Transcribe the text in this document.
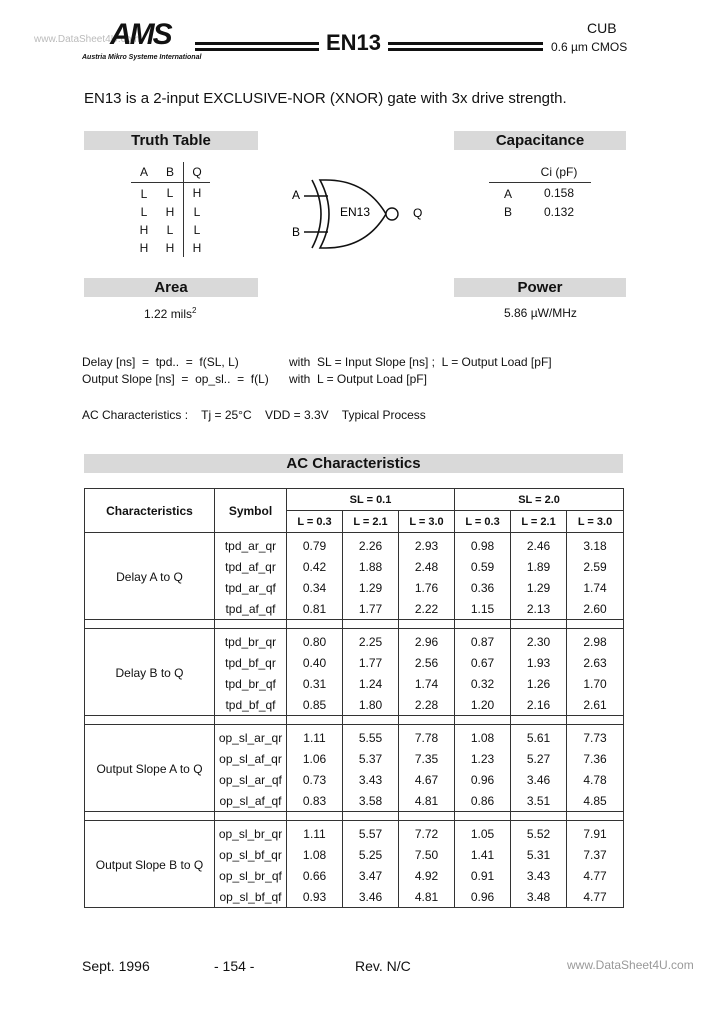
www.DataSheet4U.com
AMS
Austria Mikro Systeme International
EN13
CUB
0.6 µm CMOS
EN13 is a 2-input EXCLUSIVE-NOR (XNOR) gate with 3x drive strength.
Truth Table
A	B	Q
L	L	H
L	H	L
H	L	L
H	H	H
EN13
A
B
Q
Capacitance
	Ci (pF)
A	0.158
B	0.132
Area
1.22 mils$^2$
Power
5.86 µW/MHz
Delay [ns]  =  tpd..  =  f(SL, L)	with  SL = Input Slope [ns] ;  L = Output Load [pF]
Output Slope [ns]  =  op_sl..  =  f(L) with  L = Output Load [pF]
AC Characteristics :    Tj = 25°C    VDD = 3.3V    Typical Process
AC Characteristics
Characteristics	Symbol	SL = 0.1			SL = 2.0		
		L = 0.3	L = 2.1	L = 3.0	L = 0.3	L = 2.1	L = 3.0
Delay A to Q	tpd_ar_qr	0.79	2.26	2.93	0.98	2.46	3.18
	tpd_af_qr	0.42	1.88	2.48	0.59	1.89	2.59
	tpd_ar_qf	0.34	1.29	1.76	0.36	1.29	1.74
	tpd_af_qf	0.81	1.77	2.22	1.15	2.13	2.60

Delay B to Q	tpd_br_qr	0.80	2.25	2.96	0.87	2.30	2.98
	tpd_bf_qr	0.40	1.77	2.56	0.67	1.93	2.63
	tpd_br_qf	0.31	1.24	1.74	0.32	1.26	1.70
	tpd_bf_qf	0.85	1.80	2.28	1.20	2.16	2.61

Output Slope A to Q	op_sl_ar_qr	1.11	5.55	7.78	1.08	5.61	7.73
	op_sl_af_qr	1.06	5.37	7.35	1.23	5.27	7.36
	op_sl_ar_qf	0.73	3.43	4.67	0.96	3.46	4.78
	op_sl_af_qf	0.83	3.58	4.81	0.86	3.51	4.85

Output Slope B to Q	op_sl_br_qr	1.11	5.57	7.72	1.05	5.52	7.91
	op_sl_bf_qr	1.08	5.25	7.50	1.41	5.31	7.37
	op_sl_br_qf	0.66	3.47	4.92	0.91	3.43	4.77
	op_sl_bf_qf	0.93	3.46	4.81	0.96	3.48	4.77
Sept. 1996	- 154 -	Rev. N/C	www.DataSheet4U.com
